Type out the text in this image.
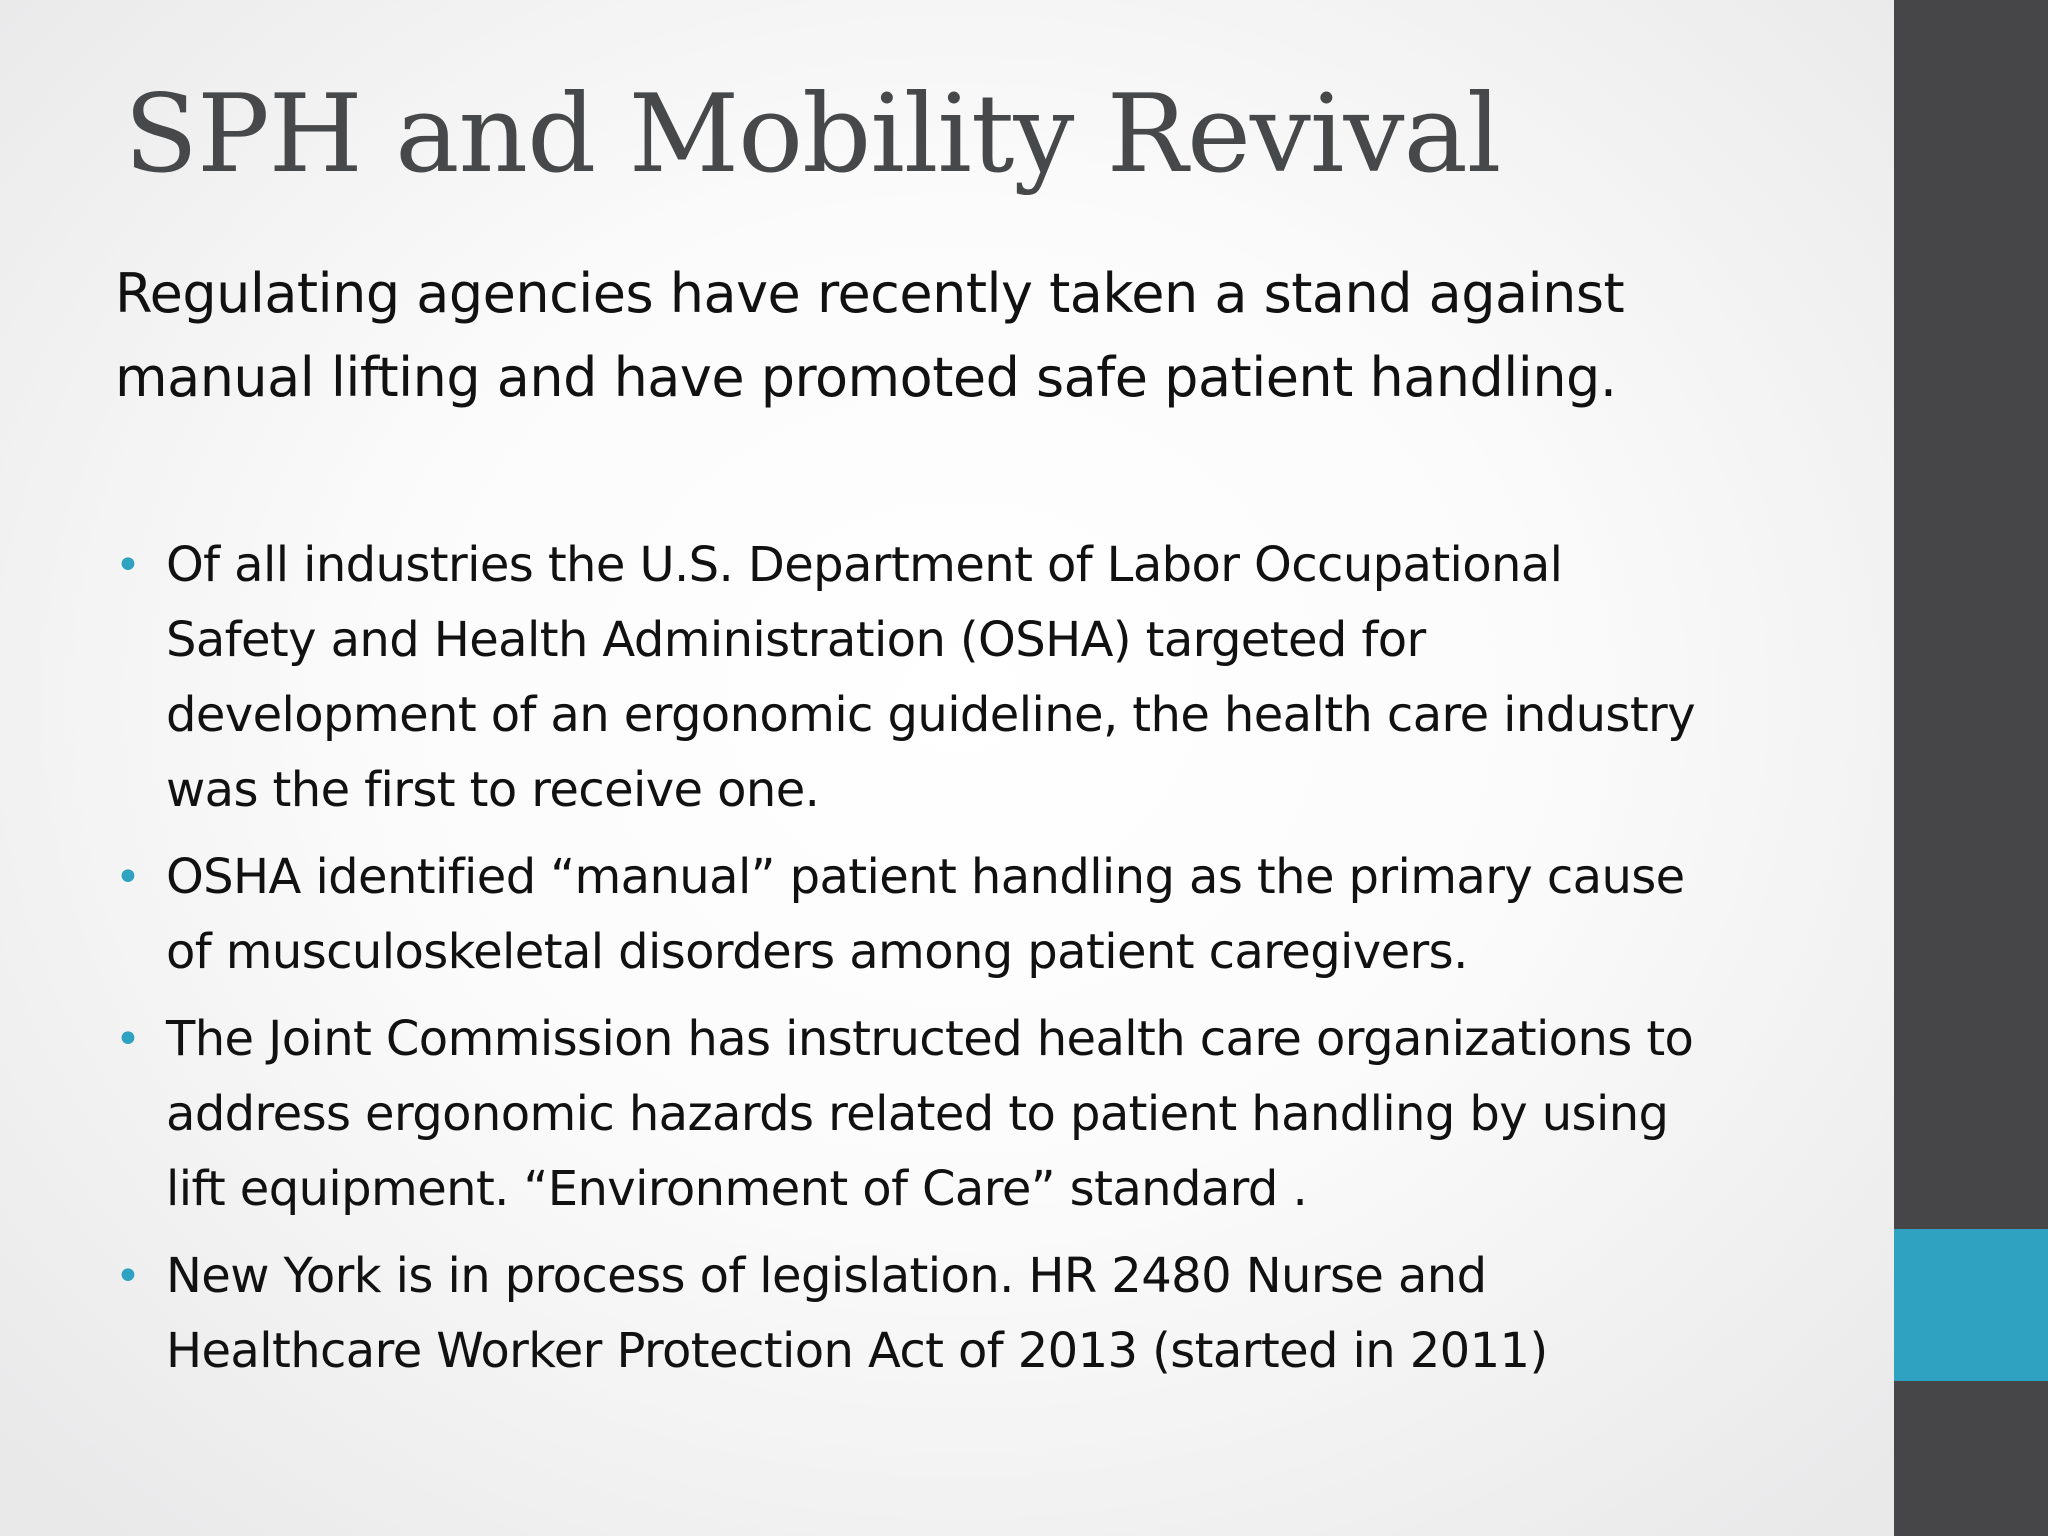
SPH and Mobility Revival

Regulating agencies have recently taken a stand against
manual lifting and have promoted safe patient handling.

• Of all industries the U.S. Department of Labor Occupational
Safety and Health Administration (OSHA) targeted for
development of an ergonomic guideline, the health care industry
was the first to receive one.
• OSHA identified “manual” patient handling as the primary cause
of musculoskeletal disorders among patient caregivers.
• The Joint Commission has instructed health care organizations to
address ergonomic hazards related to patient handling by using
lift equipment. “Environment of Care” standard .
• New York is in process of legislation. HR 2480 Nurse and
Healthcare Worker Protection Act of 2013 (started in 2011)
